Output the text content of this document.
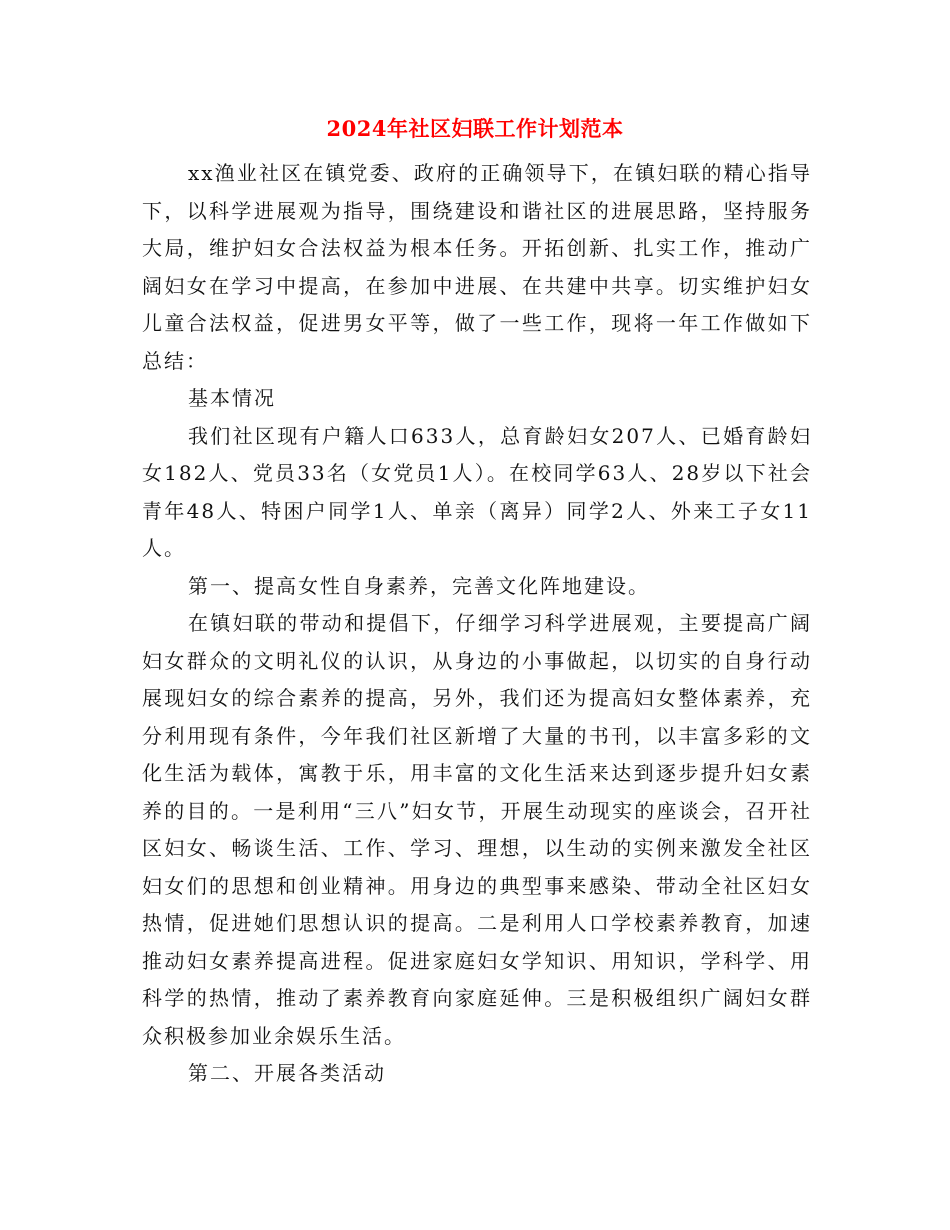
2024年社区妇联工作计划范本

xx渔业社区在镇党委、政府的正确领导下，在镇妇联的精心指导下，以科学进展观为指导，围绕建设和谐社区的进展思路，坚持服务大局，维护妇女合法权益为根本任务。开拓创新、扎实工作，推动广阔妇女在学习中提高，在参加中进展、在共建中共享。切实维护妇女儿童合法权益，促进男女平等，做了一些工作，现将一年工作做如下总结：

基本情况

我们社区现有户籍人口633人，总育龄妇女207人、已婚育龄妇女182人、党员33名（女党员1人）。在校同学63人、28岁以下社会青年48人、特困户同学1人、单亲（离异）同学2人、外来工子女11人。

第一、提高女性自身素养，完善文化阵地建设。

在镇妇联的带动和提倡下，仔细学习科学进展观，主要提高广阔妇女群众的文明礼仪的认识，从身边的小事做起，以切实的自身行动展现妇女的综合素养的提高，另外，我们还为提高妇女整体素养，充分利用现有条件，今年我们社区新增了大量的书刊，以丰富多彩的文化生活为载体，寓教于乐，用丰富的文化生活来达到逐步提升妇女素养的目的。一是利用“三八”妇女节，开展生动现实的座谈会，召开社区妇女、畅谈生活、工作、学习、理想，以生动的实例来激发全社区妇女们的思想和创业精神。用身边的典型事来感染、带动全社区妇女热情，促进她们思想认识的提高。二是利用人口学校素养教育，加速推动妇女素养提高进程。促进家庭妇女学知识、用知识，学科学、用科学的热情，推动了素养教育向家庭延伸。三是积极组织广阔妇女群众积极参加业余娱乐生活。

第二、开展各类活动
